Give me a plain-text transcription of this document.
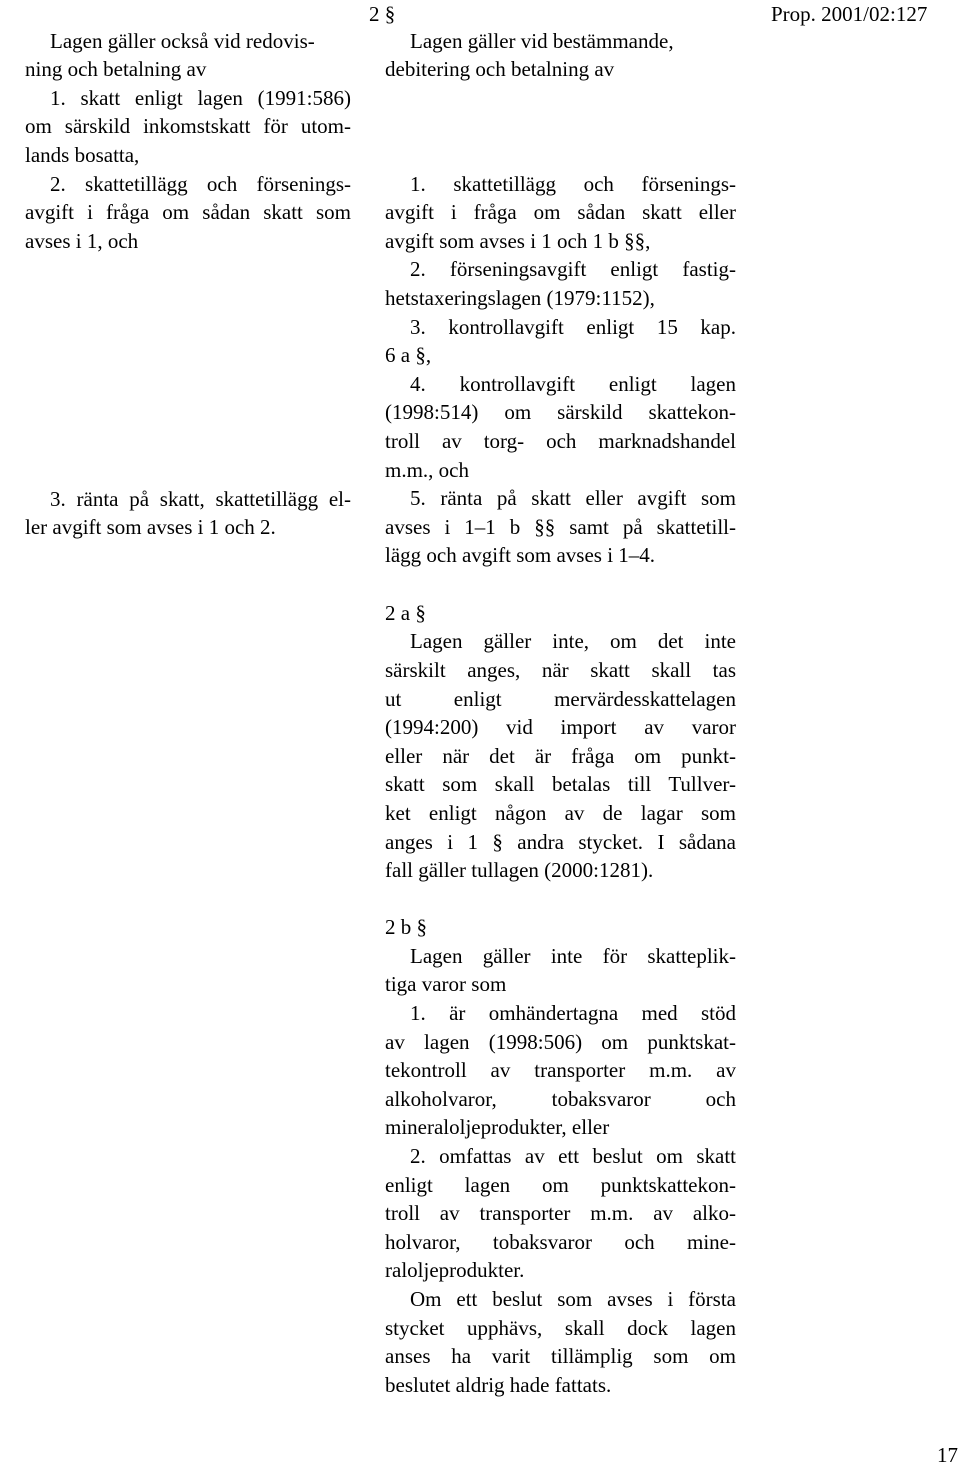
Prop. 2001/02:127

Lagen gäller också vid redovis-

ning och betalning av

1. skatt enligt lagen (1991:586)

om särskild inkomstskatt för utom-

lands bosatta,

2. skattetillägg och försenings-

avgift i fråga om sådan skatt som

avses i 1, och

3. ränta på skatt, skattetillägg el-

ler avgift som avses i 1 och 2.

2 §

Lagen gäller vid bestämmande,

debitering och betalning av

1. skattetillägg och försenings-

avgift i fråga om sådan skatt eller

avgift som avses i 1 och 1 b §§,

2. förseningsavgift enligt fastig-

hetstaxeringslagen (1979:1152),

3. kontrollavgift enligt 15 kap.

6 a §,

4. kontrollavgift enligt lagen

(1998:514) om särskild skattekon-

troll av torg- och marknadshandel

m.m., och

5. ränta på skatt eller avgift som

avses i 1–1 b §§ samt på skattetill-

lägg och avgift som avses i 1–4.

2 a §

Lagen gäller inte, om det inte

särskilt anges, när skatt skall tas

ut enligt mervärdesskattelagen

(1994:200) vid import av varor

eller när det är fråga om punkt-

skatt som skall betalas till Tullver-

ket enligt någon av de lagar som

anges i 1 § andra stycket. I sådana

fall gäller tullagen (2000:1281).

2 b §

Lagen gäller inte för skatteplik-

tiga varor som

1. är omhändertagna med stöd

av lagen (1998:506) om punktskat-

tekontroll av transporter m.m. av

alkoholvaror, tobaksvaror och

mineraloljeprodukter, eller

2. omfattas av ett beslut om skatt

enligt lagen om punktskattekon-

troll av transporter m.m. av alko-

holvaror, tobaksvaror och mine-

raloljeprodukter.

Om ett beslut som avses i första

stycket upphävs, skall dock lagen

anses ha varit tillämplig som om

beslutet aldrig hade fattats.

17
